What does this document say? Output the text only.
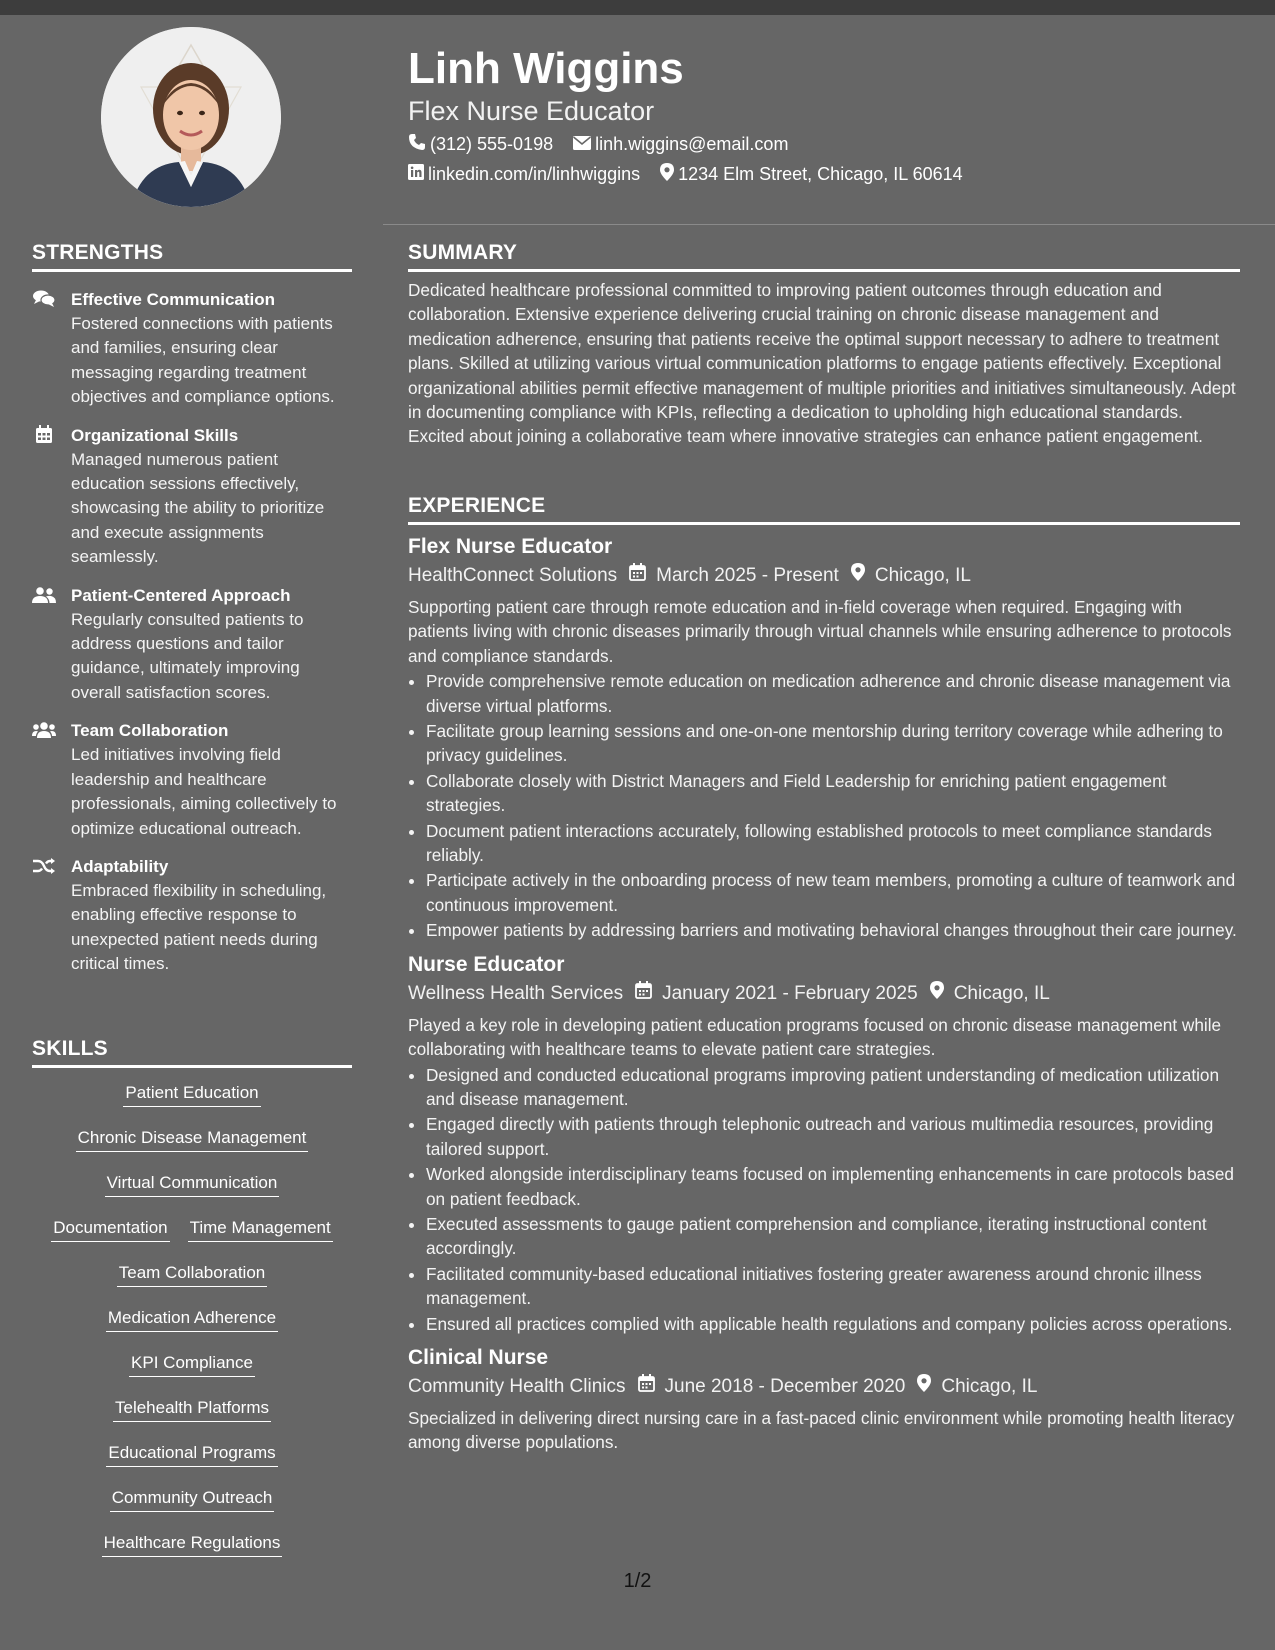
STRENGTHS
Effective Communication
Fostered connections with patients and families, ensuring clear messaging regarding treatment objectives and compliance options.
Organizational Skills
Managed numerous patient education sessions effectively, showcasing the ability to prioritize and execute assignments seamlessly.
Patient-Centered Approach
Regularly consulted patients to address questions and tailor guidance, ultimately improving overall satisfaction scores.
Team Collaboration
Led initiatives involving field leadership and healthcare professionals, aiming collectively to optimize educational outreach.
Adaptability
Embraced flexibility in scheduling, enabling effective response to unexpected patient needs during critical times.
SKILLS
Patient Education
Chronic Disease Management
Virtual Communication
Documentation Time Management
Team Collaboration
Medication Adherence
KPI Compliance
Telehealth Platforms
Educational Programs
Community Outreach
Healthcare Regulations
Linh Wiggins
Flex Nurse Educator
(312) 555-0198 linh.wiggins@email.com
linkedin.com/in/linhwiggins 1234 Elm Street, Chicago, IL 60614
SUMMARY

Dedicated healthcare professional committed to improving patient outcomes through education and collaboration. Extensive experience delivering crucial training on chronic disease management and medication adherence, ensuring that patients receive the optimal support necessary to adhere to treatment plans. Skilled at utilizing various virtual communication platforms to engage patients effectively. Exceptional organizational abilities permit effective management of multiple priorities and initiatives simultaneously. Adept in documenting compliance with KPIs, reflecting a dedication to upholding high educational standards. Excited about joining a collaborative team where innovative strategies can enhance patient engagement.

EXPERIENCE
Flex Nurse Educator
HealthConnect Solutions March 2025 - Present Chicago, IL

Supporting patient care through remote education and in-field coverage when required. Engaging with patients living with chronic diseases primarily through virtual channels while ensuring adherence to protocols and compliance standards.

• Provide comprehensive remote education on medication adherence and chronic disease management via diverse virtual platforms.
• Facilitate group learning sessions and one-on-one mentorship during territory coverage while adhering to privacy guidelines.
• Collaborate closely with District Managers and Field Leadership for enriching patient engagement strategies.
• Document patient interactions accurately, following established protocols to meet compliance standards reliably.
• Participate actively in the onboarding process of new team members, promoting a culture of teamwork and continuous improvement.
• Empower patients by addressing barriers and motivating behavioral changes throughout their care journey.
Nurse Educator
Wellness Health Services January 2021 - February 2025 Chicago, IL

Played a key role in developing patient education programs focused on chronic disease management while collaborating with healthcare teams to elevate patient care strategies.

• Designed and conducted educational programs improving patient understanding of medication utilization and disease management.
• Engaged directly with patients through telephonic outreach and various multimedia resources, providing tailored support.
• Worked alongside interdisciplinary teams focused on implementing enhancements in care protocols based on patient feedback.
• Executed assessments to gauge patient comprehension and compliance, iterating instructional content accordingly.
• Facilitated community-based educational initiatives fostering greater awareness around chronic illness management.
• Ensured all practices complied with applicable health regulations and company policies across operations.
Clinical Nurse
Community Health Clinics June 2018 - December 2020 Chicago, IL

Specialized in delivering direct nursing care in a fast-paced clinic environment while promoting health literacy among diverse populations.

1/2
